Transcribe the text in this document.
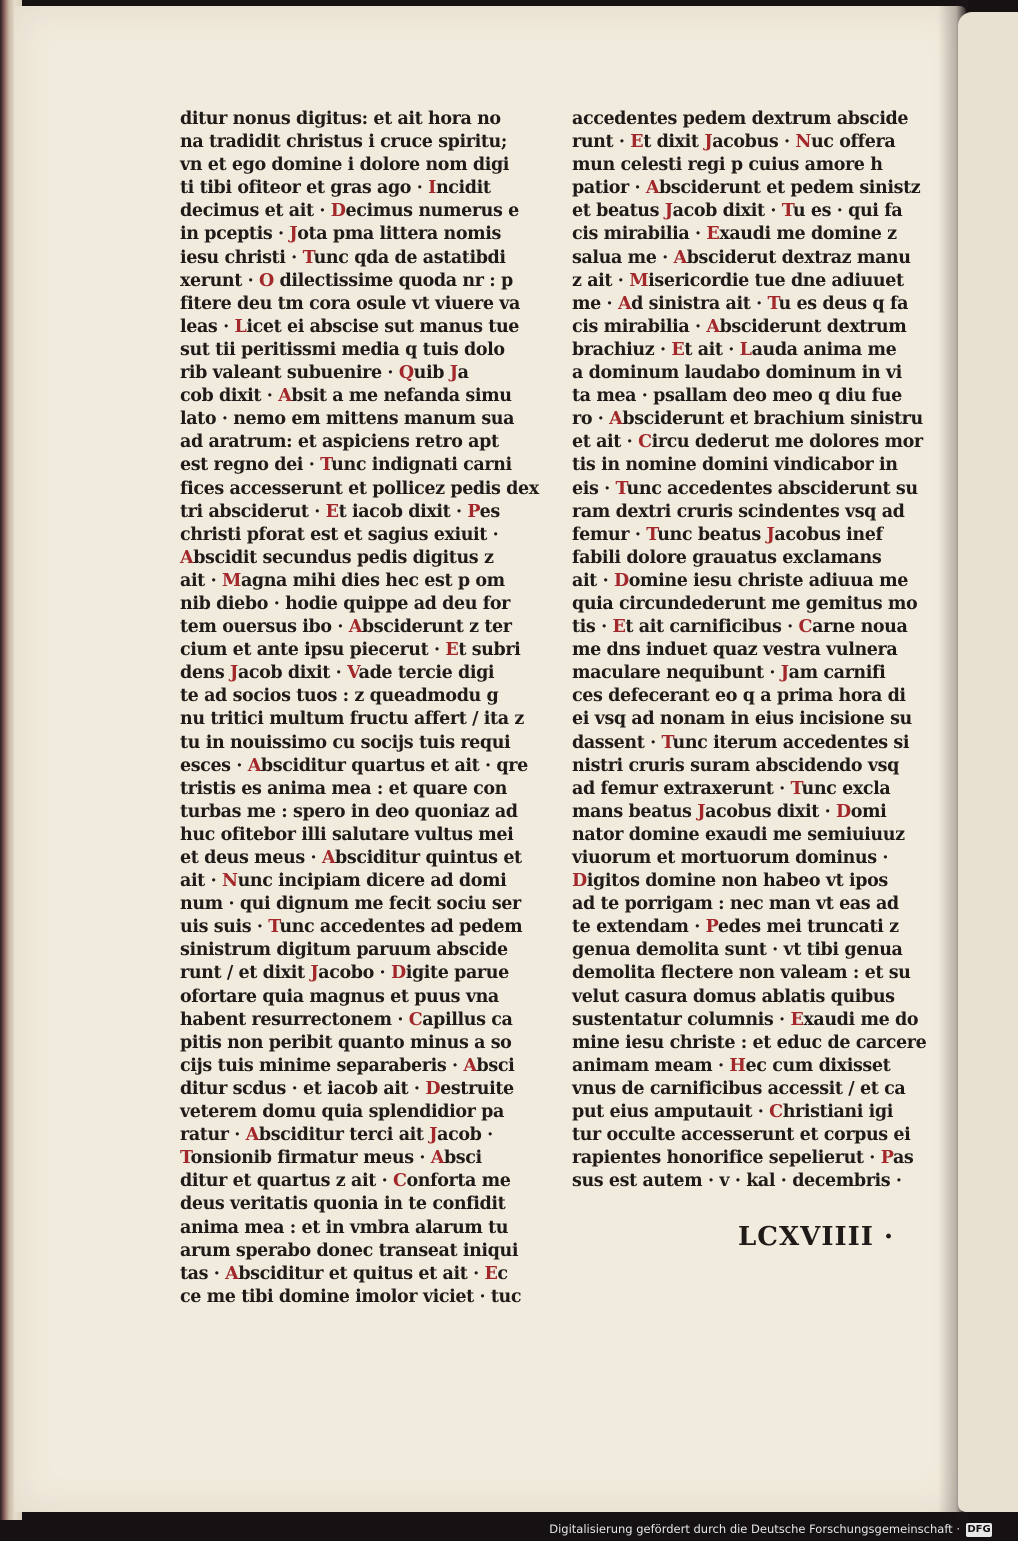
ditur nonus digitus: et ait hora no
na tradidit christus i cruce spiritu;
vn et ego domine i dolore nom digi
ti tibi ofiteor et gras ago · Incidit
decimus et ait · Decimus numerus e
in pceptis · Jota pma littera nomis
iesu christi · Tunc qda de astatibdi
xerunt · O dilectissime quoda nr : p
fitere deu tm cora osule vt viuere va
leas · Licet ei abscise sut manus tue
sut tii peritissmi media q tuis dolo
rib valeant subuenire · Quib Ja
cob dixit · Absit a me nefanda simu
lato · nemo em mittens manum sua
ad aratrum: et aspiciens retro apt
est regno dei · Tunc indignati carni
fices accesserunt et pollicez pedis dex
tri absciderut · Et iacob dixit · Pes
christi pforat est et sagius exiuit ·
Abscidit secundus pedis digitus z
ait · Magna mihi dies hec est p om
nib diebo · hodie quippe ad deu for
tem ouersus ibo · Absciderunt z ter
cium et ante ipsu piecerut · Et subri
dens Jacob dixit · Vade tercie digi
te ad socios tuos : z queadmodu g
nu tritici multum fructu affert / ita z
tu in nouissimo cu socijs tuis requi
esces · Absciditur quartus et ait · qre
tristis es anima mea : et quare con
turbas me : spero in deo quoniaz ad
huc ofitebor illi salutare vultus mei
et deus meus · Absciditur quintus et
ait · Nunc incipiam dicere ad domi
num · qui dignum me fecit sociu ser
uis suis · Tunc accedentes ad pedem
sinistrum digitum paruum abscide
runt / et dixit Jacobo · Digite parue
ofortare quia magnus et puus vna
habent resurrectonem · Capillus ca
pitis non peribit quanto minus a so
cijs tuis minime separaberis · Absci
ditur scdus · et iacob ait · Destruite
veterem domu quia splendidior pa
ratur · Absciditur terci ait Jacob ·
Tonsionib firmatur meus · Absci
ditur et quartus z ait · Conforta me
deus veritatis quonia in te confidit
anima mea : et in vmbra alarum tu
arum sperabo donec transeat iniqui
tas · Absciditur et quitus et ait · Ec
ce me tibi domine imolor viciet · tuc
accedentes pedem dextrum abscide
runt · Et dixit Jacobus · Nuc offera
mun celesti regi p cuius amore h
patior · Absciderunt et pedem sinistz
et beatus Jacob dixit · Tu es · qui fa
cis mirabilia · Exaudi me domine z
salua me · Absciderut dextraz manu
z ait · Misericordie tue dne adiuuet
me · Ad sinistra ait · Tu es deus q fa
cis mirabilia · Absciderunt dextrum
brachiuz · Et ait · Lauda anima me
a dominum laudabo dominum in vi
ta mea · psallam deo meo q diu fue
ro · Absciderunt et brachium sinistru
et ait · Circu dederut me dolores mor
tis in nomine domini vindicabor in
eis · Tunc accedentes absciderunt su
ram dextri cruris scindentes vsq ad
femur · Tunc beatus Jacobus inef
fabili dolore grauatus exclamans
ait · Domine iesu christe adiuua me
quia circundederunt me gemitus mo
tis · Et ait carnificibus · Carne noua
me dns induet quaz vestra vulnera
maculare nequibunt · Jam carnifi
ces defecerant eo q a prima hora di
ei vsq ad nonam in eius incisione su
dassent · Tunc iterum accedentes si
nistri cruris suram abscidendo vsq
ad femur extraxerunt · Tunc excla
mans beatus Jacobus dixit · Domi
nator domine exaudi me semiuiuuz
viuorum et mortuorum dominus ·
Digitos domine non habeo vt ipos
ad te porrigam : nec man vt eas ad
te extendam · Pedes mei truncati z
genua demolita sunt · vt tibi genua
demolita flectere non valeam : et su
velut casura domus ablatis quibus
sustentatur columnis · Exaudi me do
mine iesu christe : et educ de carcere
animam meam · Hec cum dixisset
vnus de carnificibus accessit / et ca
put eius amputauit · Christiani igi
tur occulte accesserunt et corpus ei
rapientes honorifice sepelierut · Pas
sus est autem · v · kal · decembris ·

LCXVIIII ·
Digitalisierung gefördert durch die Deutsche Forschungsgemeinschaft · DFG
